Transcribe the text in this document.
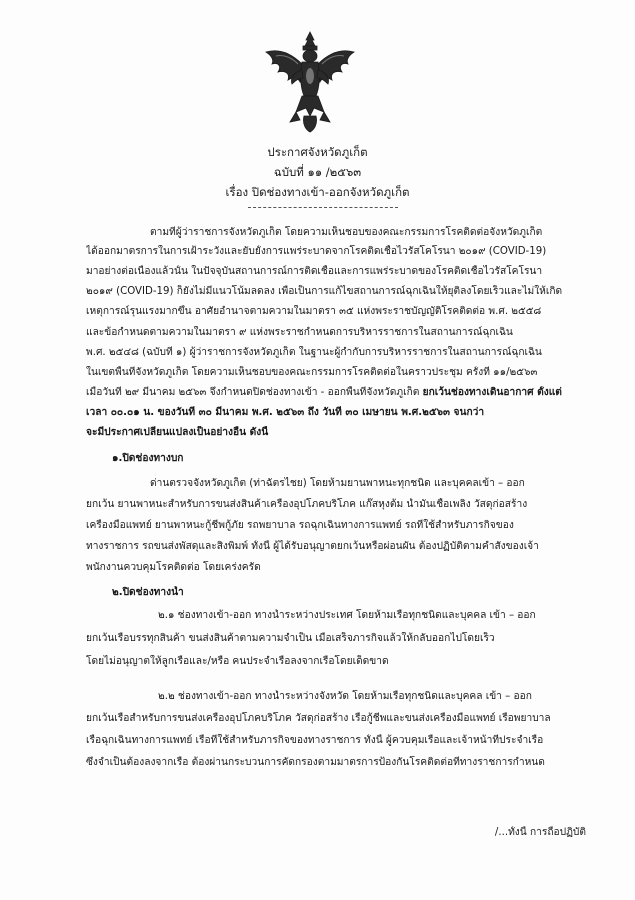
ประกาศจังหวัดภูเก็ต
ฉบับที่ ๑๑ /๒๕๖๓
เรื่อง ปิดช่องทางเข้า-ออกจังหวัดภูเก็ต
ตามที่ผู้ว่าราชการจังหวัดภูเก็ต โดยความเห็นชอบของคณะกรรมการโรคติดต่อจังหวัดภูเก็ต
ได้ออกมาตรการในการเฝ้าระวังและยับยั้งการแพร่ระบาดจากโรคติดเชื้อไวรัสโคโรนา ๒๐๑๙ (COVID-19)
มาอย่างต่อเนื่องแล้วนั้น ในปัจจุบันสถานการณ์การติดเชื้อและการแพร่ระบาดของโรคติดเชื้อไวรัสโคโรนา
๒๐๑๙ (COVID-19) ก็ยังไม่มีแนวโน้มลดลง เพื่อเป็นการแก้ไขสถานการณ์ฉุกเฉินให้ยุติลงโดยเร็วและไม่ให้เกิด
เหตุการณ์รุนแรงมากขึ้น อาศัยอำนาจตามความในมาตรา ๓๕ แห่งพระราชบัญญัติโรคติดต่อ พ.ศ. ๒๕๕๘
และข้อกำหนดตามความในมาตรา ๙ แห่งพระราชกำหนดการบริหารราชการในสถานการณ์ฉุกเฉิน
พ.ศ. ๒๕๔๘ (ฉบับที่ ๑) ผู้ว่าราชการจังหวัดภูเก็ต ในฐานะผู้กำกับการบริหารราชการในสถานการณ์ฉุกเฉิน
ในเขตพื้นที่จังหวัดภูเก็ต โดยความเห็นชอบของคณะกรรมการโรคติดต่อในคราวประชุม ครั้งที่ ๑๑/๒๕๖๓
เมื่อวันที่ ๒๙ มีนาคม ๒๕๖๓ จึงกำหนดปิดช่องทางเข้า - ออกพื้นที่จังหวัดภูเก็ต ยกเว้นช่องทางเดินอากาศ ตั้งแต่
เวลา ๐๐.๐๑ น. ของวันที่ ๓๐ มีนาคม พ.ศ. ๒๕๖๓ ถึง วันที่ ๓๐ เมษายน พ.ศ.๒๕๖๓ จนกว่า
จะมีประกาศเปลี่ยนแปลงเป็นอย่างอื่น ดังนี้
๑.ปิดช่องทางบก
ด่านตรวจจังหวัดภูเก็ต (ท่าฉัตรไชย) โดยห้ามยานพาหนะทุกชนิด และบุคคลเข้า – ออก
ยกเว้น ยานพาหนะสำหรับการขนส่งสินค้าเครื่องอุปโภคบริโภค แก๊สหุงต้ม น้ำมันเชื้อเพลิง วัสดุก่อสร้าง
เครื่องมือแพทย์ ยานพาหนะกู้ชีพกู้ภัย รถพยาบาล รถฉุกเฉินทางการแพทย์ รถที่ใช้สำหรับภารกิจของ
ทางราชการ รถขนส่งพัสดุและสิ่งพิมพ์ ทั้งนี้ ผู้ได้รับอนุญาตยกเว้นหรือผ่อนผัน ต้องปฏิบัติตามคำสั่งของเจ้า
พนักงานควบคุมโรคติดต่อ โดยเคร่งครัด
๒.ปิดช่องทางน้ำ
๒.๑ ช่องทางเข้า-ออก ทางน้ำระหว่างประเทศ โดยห้ามเรือทุกชนิดและบุคคล เข้า – ออก
ยกเว้นเรือบรรทุกสินค้า ขนส่งสินค้าตามความจำเป็น เมื่อเสร็จภารกิจแล้วให้กลับออกไปโดยเร็ว
โดยไม่อนุญาตให้ลูกเรือและ/หรือ คนประจำเรือลงจากเรือโดยเด็ดขาด
๒.๒ ช่องทางเข้า-ออก ทางน้ำระหว่างจังหวัด โดยห้ามเรือทุกชนิดและบุคคล เข้า – ออก
ยกเว้นเรือสำหรับการขนส่งเครื่องอุปโภคบริโภค วัสดุก่อสร้าง เรือกู้ชีพและขนส่งเครื่องมือแพทย์ เรือพยาบาล
เรือฉุกเฉินทางการแพทย์ เรือที่ใช้สำหรับภารกิจของทางราชการ ทั้งนี้ ผู้ควบคุมเรือและเจ้าหน้าที่ประจำเรือ
ซึ่งจำเป็นต้องลงจากเรือ ต้องผ่านกระบวนการคัดกรองตามมาตรการป้องกันโรคติดต่อที่ทางราชการกำหนด
/...ทั้งนี้ การถือปฏิบัติ
